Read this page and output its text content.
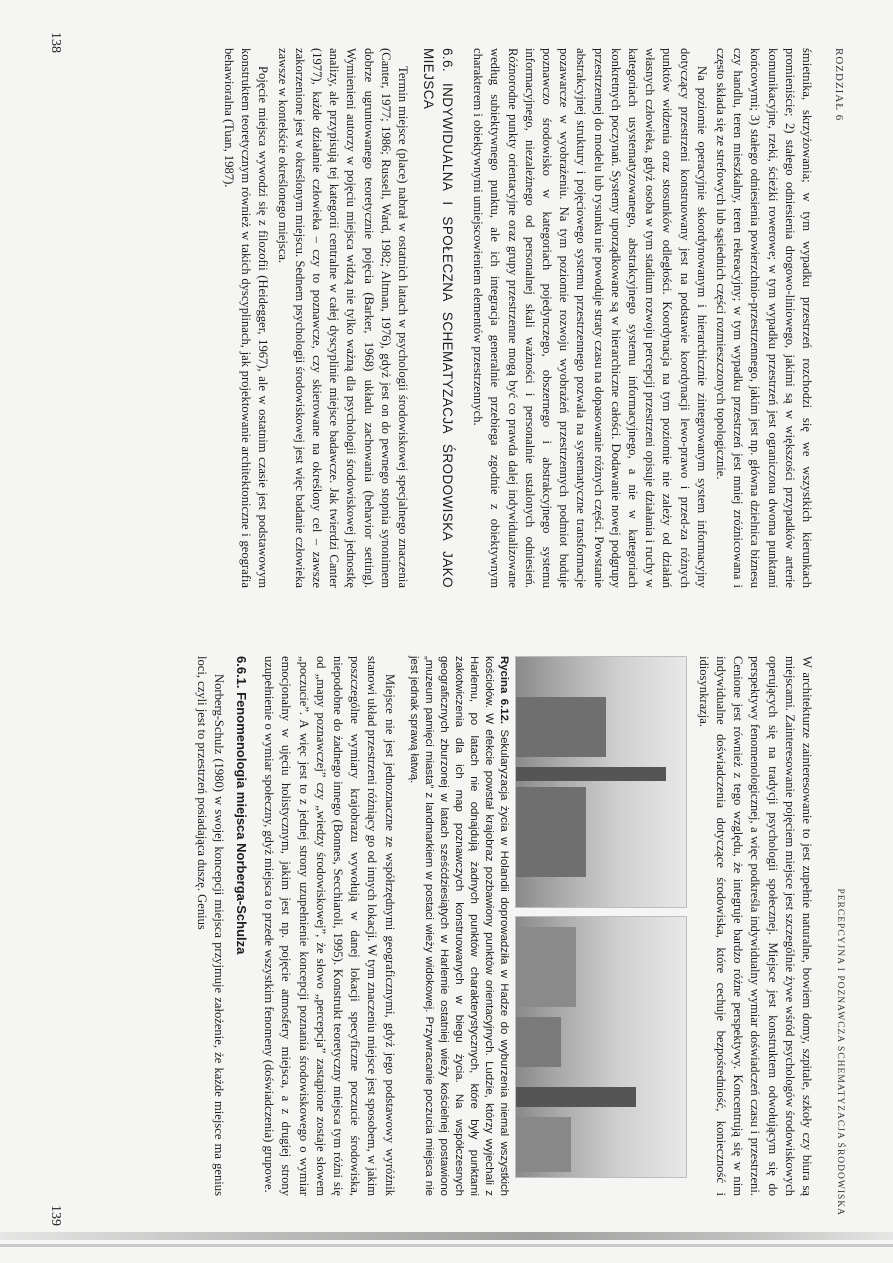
ROZDZIAŁ 6

śmietnika, skrzyżowania; w tym wypadku przestrzeń rozchodzi się we wszystkich kierunkach promieniście; 2) stałego odniesienia drogowo-liniowego, jakimi są w większości przypadków arterie komunikacyjne, rzeki, ścieżki rowerowe; w tym wypadku przestrzeń jest ograniczona dwoma punktami końcowymi; 3) stałego odniesienia powierzchnio-przestrzennego, jakim jest np. główna dzielnica biznesu czy handlu, teren mieszkalny, teren rekreacyjny; w tym wypadku przestrzeń jest mniej zróżnicowana i często składa się ze strefowych lub sąsiednich części rozmieszczonych topologicznie.

Na poziomie operacyjnie skoordynowanym i hierarchicznie zintegrowanym system informacyjny dotyczący przestrzeni konstruowany jest na podstawie koordynacji lewo-prawo i przed-za różnych punktów widzenia oraz stosunków odległości. Koordynacja na tym poziomie nie zależy od działań własnych człowieka, gdyż osoba w tym stadium rozwoju percepcji przestrzeni opisuje działania i ruchy w kategoriach usystematyzowanego, abstrakcyjnego systemu informacyjnego, a nie w kategoriach konkretnych poczynań. Systemy uporządkowane są w hierarchiczne całości. Dodawanie nowej podgrupy przestrzennej do modelu lub rysunku nie powoduje straty czasu na dopasowanie różnych części. Powstanie abstrakcyjnej struktury i pojęciowego systemu przestrzennego pozwala na systematyczne transformacje pozawarcze w wyobrażeniu. Na tym poziomie rozwoju wyobrażeń przestrzennych podmiot buduje poznawczo środowisko w kategoriach pojedynczego, obszernego i abstrakcyjnego systemu informacyjnego, niezależnego od personalnej skali ważności i personalnie ustalonych odniesień. Różnorodne punkty orientacyjne oraz grupy przestrzenne mogą być co prawda dalej indywidualizowane według subiektywnego punktu, ale ich integracja generalnie przebiega zgodnie z obiektywnym charakterem i obiektywnymi umiejscowieniem elementów przestrzennych.

6.6. INDYWIDUALNA I SPOŁECZNA SCHEMATYZACJA ŚRODOWISKA JAKO MIEJSCA

Termin miejsce (place) nabrał w ostatnich latach w psychologii środowiskowej specjalnego znaczenia (Canter, 1977; 1986; Russell, Ward, 1982; Altman, 1976), gdyż jest on do pewnego stopnia synonimem dobrze ugruntowanego teoretycznie pojęcia (Barker, 1968) układu zachowania (behavior setting). Wymienieni autorzy w pojęciu miejsca widzą nie tylko ważną dla psychologii środowiskowej jednostkę analizy, ale przypisują tej kategorii centralne w całej dyscyplinie miejsce badawcze. Jak twierdzi Canter (1977), każde działanie człowieka – czy to poznawcze, czy skierowane na określony cel – zawsze zakorzenione jest w określonym miejscu. Sednem psychologii środowiskowej jest więc badanie człowieka zawsze w kontekście określonego miejsca.

Pojęcie miejsca wywodzi się z filozofii (Heidegger, 1967), ale w ostatnim czasie jest podstawowym konstruktem teoretycznym również w takich dyscyplinach, jak projektowanie architektoniczne i geografia behawioralna (Tuan, 1987).

138
PERCEPCYJNA I POZNAWCZA SCHEMATYZACJA ŚRODOWISKA

W architekturze zainteresowanie to jest zupełnie naturalne, bowiem domy, szpitale, szkoły czy biura są miejscami. Zainteresowanie pojęciem miejsce jest szczególnie żywe wśród psychologów środowiskowych operujących się na tradycji psychologii społecznej. Miejsce jest konstruktem odwołującym się do perspektywy fenomenologicznej, a więc podkreśla indywidualny wymiar doświadczeń czasu i przestrzeni. Cenione jest również z tego względu, że integruje bardzo różne perspektywy. Koncentrują się w nim indywidualne doświadczenia dotyczące środowiska, które cechuje bezpośredniość, konieczność i idiosynkrazja.

Rycina 6.12. Sekularyzacja życia w Holandii doprowadziła w Hadze do wyburzenia niemal wszystkich kościołów. W efekcie powstał krajobraz pozbawiony punktów orientacyjnych. Ludzie, którzy wyjechali z Harlemu, po latach nie odnajdują żadnych punktów charakterystycznych, które były punktami zakotwiczenia dla ich map poznawczych konstruowanych w biegu życia. Na współczesnych geograficznych zburzonej w latach sześćdziesiątych w Harlemie ostatniej wieży kościelnej postawiono „muzeum pamięci miasta” z landmarkiem w postaci wieży widokowej. Przywracanie poczucia miejsca nie jest jednak sprawą łatwą.

Miejsce nie jest jednoznaczne ze współrzędnymi geograficznymi, gdyż jego podstawowy wyróżnik stanowi układ przestrzeni różniący go od innych lokacji. W tym znaczeniu miejsce jest sposobem, w jakim poszczególne wymiary krajobrazu wywołują w danej lokacji specyficzne poczucie środowiska, niepodobne do żadnego innego (Bonnes, Secchiaroli, 1995). Konstrukt teoretyczny miejsca tym różni się od „mapy poznawczej” czy „wiedzy środowiskowej”, że słowo „percepcja” zastąpione zostaje słowem „poczucie”. A więc jest to z jednej strony uzupełnienie koncepcji poznania środowiskowego o wymiar emocjonalny w ujęciu holistycznym, jakim jest np. pojęcie atmosfery miejsca, a z drugiej strony uzupełnienie o wymiar społeczny, gdyż miejsca to przede wszystkim fenomeny (doświadczenia) grupowe.

6.6.1. Fenomenologia miejsca Norberga-Schulza

Norberg-Schulz (1980) w swojej koncepcji miejsca przyjmuje założenie, że każde miejsce ma genius loci, czyli jest to przestrzeń posiadająca duszę. Genius

139
